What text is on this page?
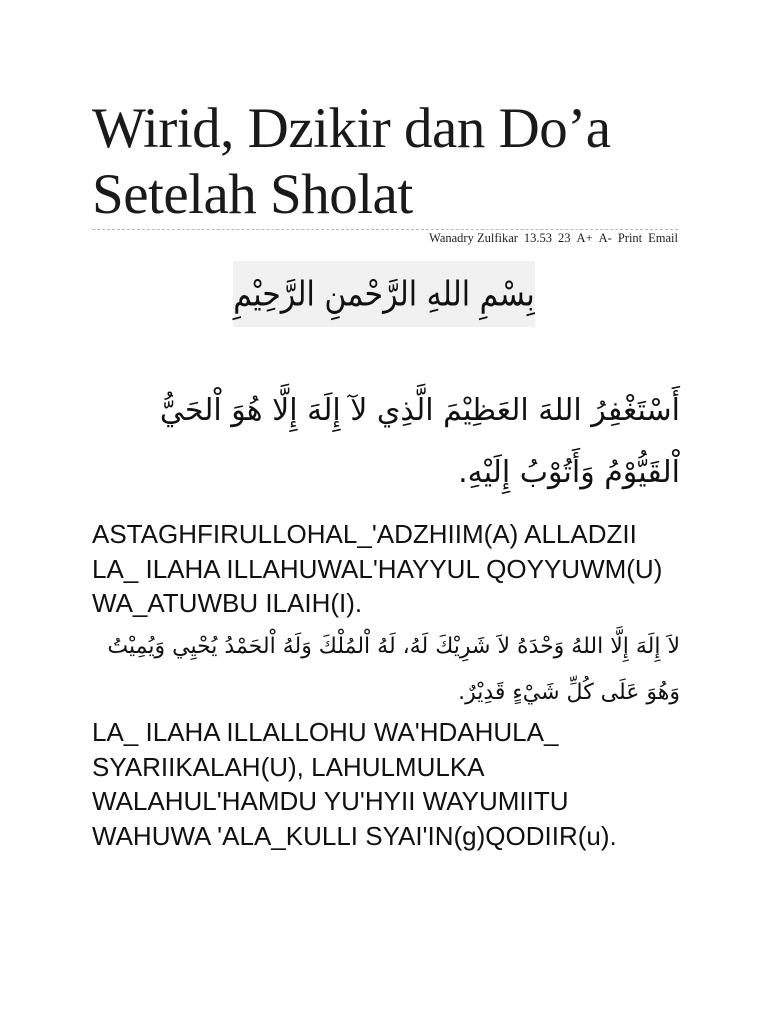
Wirid, Dzikir dan Do’a Setelah Sholat
Wanadry Zulfikar 13.53 23 A+ A- Print Email
بِسْمِ اللهِ الرَّحْمنِ الرَّحِيْمِ

أَسْتَغْفِرُ اللهَ العَظِيْمَ الَّذِي لآ إِلَهَ إِلَّا هُوَ اْلحَيُّ اْلقَيُّوْمُ وَأَتُوْبُ إِلَيْهِ.

ASTAGHFIRULLOHAL_'ADZHIIM(A) ALLADZII LA_ ILAHA ILLAHUWAL'HAYYUL QOYYUWM(U) WA_ATUWBU ILAIH(I).

لاَ إِلَهَ إِلَّا اللهُ وَحْدَهُ لاَ شَرِيْكَ لَهُ، لَهُ اْلمُلْكَ وَلَهُ اْلحَمْدُ يُحْيِي وَيُمِيْتُ وَهُوَ عَلَى كُلِّ شَيْءٍ قَدِيْرٌ.

LA_ ILAHA ILLALLOHU WA'HDAHULA_ SYARIIKALAH(U), LAHULMULKA WALAHUL'HAMDU YU'HYII WAYUMIITU WAHUWA 'ALA_KULLI SYAI'IN(g)QODIIR(u).
